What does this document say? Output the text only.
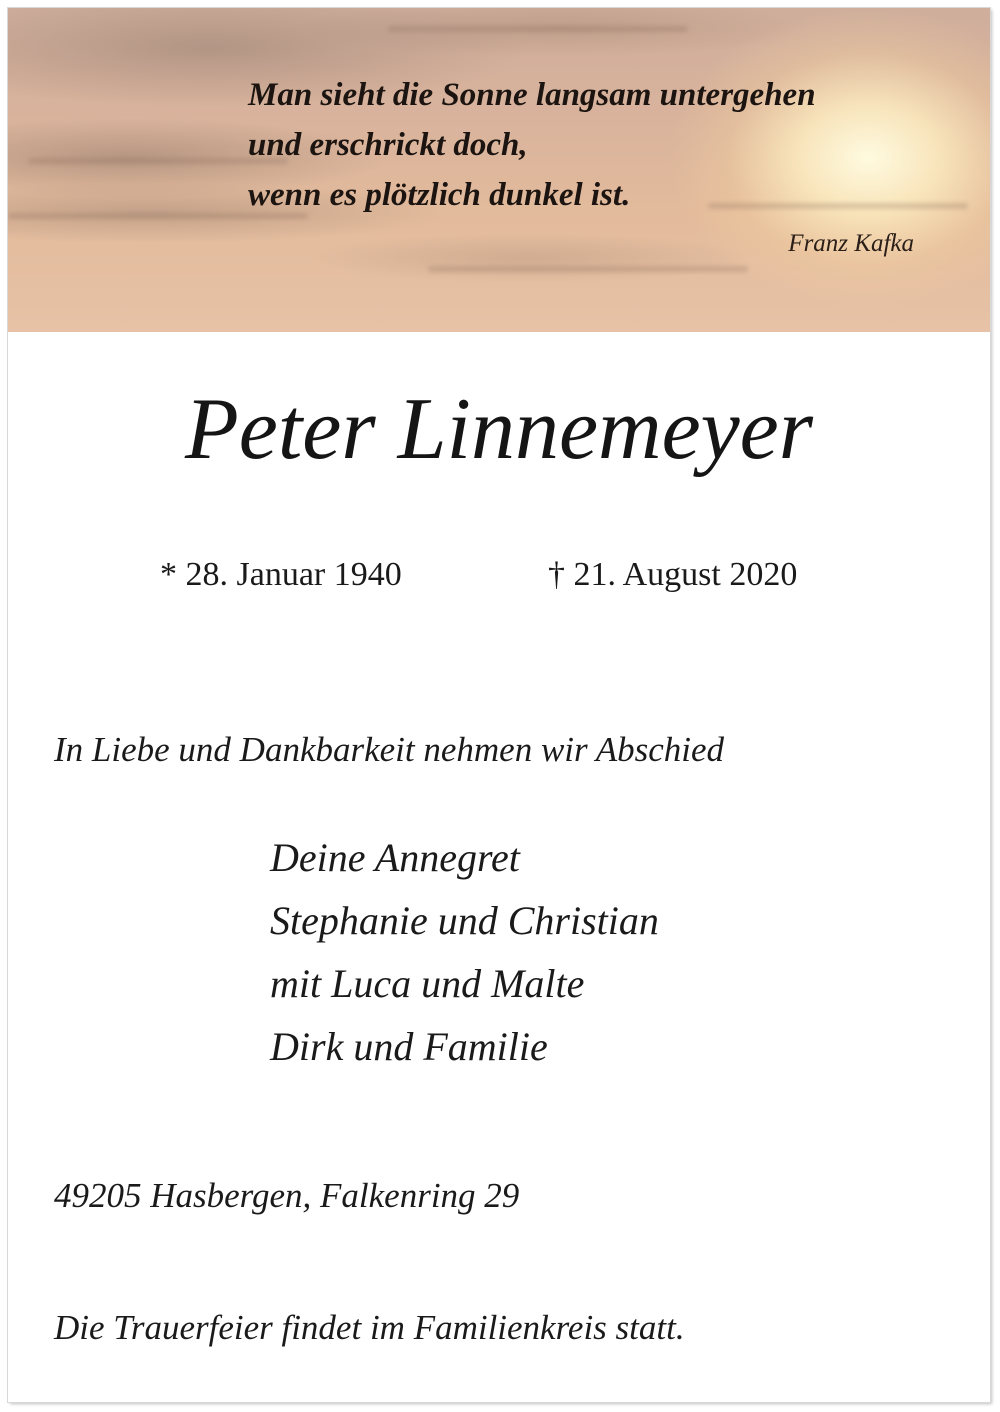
Man sieht die Sonne langsam untergehen
und erschrickt doch,
wenn es plötzlich dunkel ist.
Franz Kafka
Peter Linnemeyer
* 28. Januar 1940	† 21. August 2020
In Liebe und Dankbarkeit nehmen wir Abschied
Deine Annegret
Stephanie und Christian
mit Luca und Malte
Dirk und Familie
49205 Hasbergen, Falkenring 29
Die Trauerfeier findet im Familienkreis statt.
